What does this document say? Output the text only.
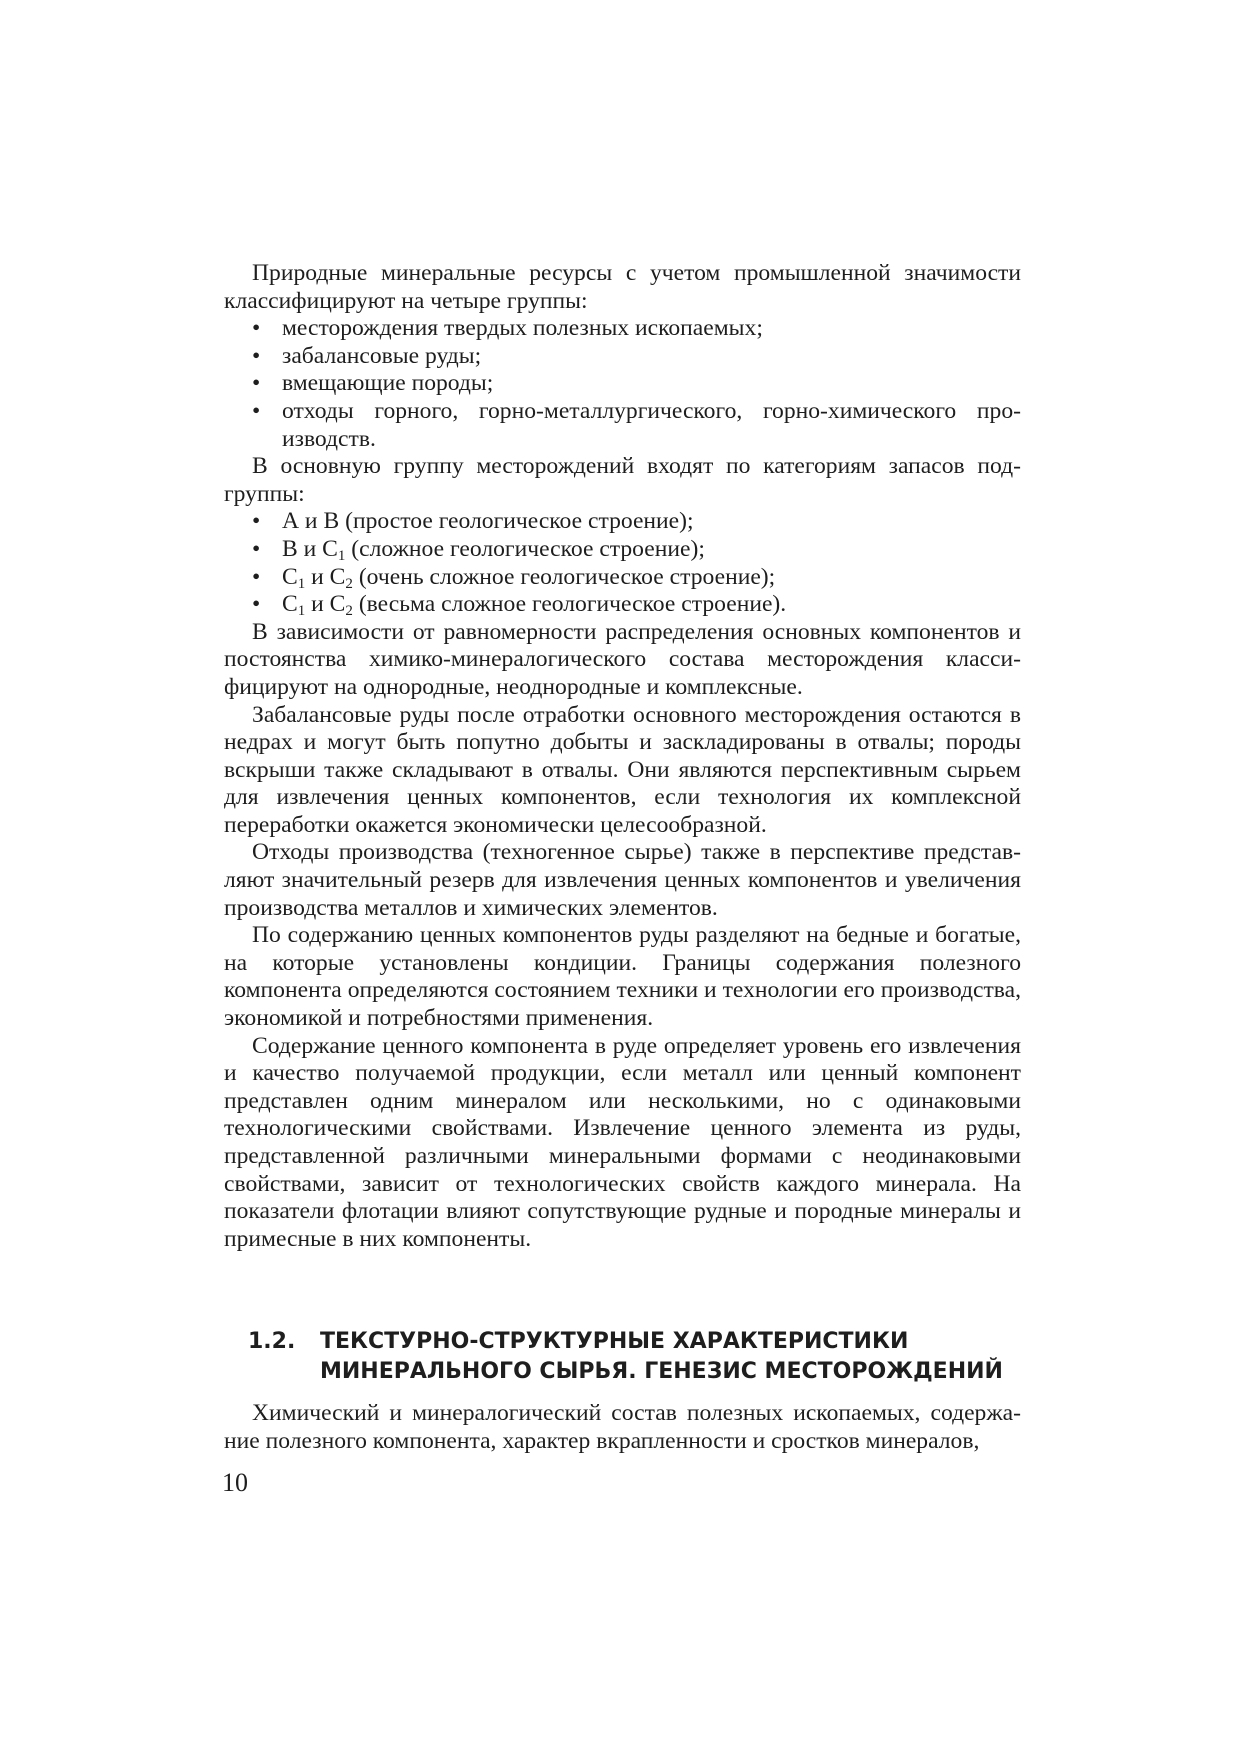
Природные минеральные ресурсы с учетом промышленной значимости классифицируют на четыре группы:

• месторождения твердых полезных ископаемых;
• забалансовые руды;
• вмещающие породы;
• отходы горного, горно-металлургического, горно-химического производств.

В основную группу месторождений входят по категориям запасов подгруппы:

• А и В (простое геологическое строение);
• В и $С_1$ (сложное геологическое строение);
• $С_1$ и $С_2$ (очень сложное геологическое строение);
• $С_1$ и $С_2$ (весьма сложное геологическое строение).

В зависимости от равномерности распределения основных компонентов и постоянства химико-минералогического состава месторождения классифицируют на однородные, неоднородные и комплексные.

Забалансовые руды после отработки основного месторождения остаются в недрах и могут быть попутно добыты и заскладированы в отвалы; породы вскрыши также складывают в отвалы. Они являются перспективным сырьем для извлечения ценных компонентов, если технология их комплексной переработки окажется экономически целесообразной.

Отходы производства (техногенное сырье) также в перспективе представляют значительный резерв для извлечения ценных компонентов и увеличения производства металлов и химических элементов.

По содержанию ценных компонентов руды разделяют на бедные и богатые, на которые установлены кондиции. Границы содержания полезного компонента определяются состоянием техники и технологии его производства, экономикой и потребностями применения.

Содержание ценного компонента в руде определяет уровень его извлечения и качество получаемой продукции, если металл или ценный компонент представлен одним минералом или несколькими, но с одинаковыми технологическими свойствами. Извлечение ценного элемента из руды, представленной различными минеральными формами с неодинаковыми свойствами, зависит от технологических свойств каждого минерала. На показатели флотации влияют сопутствующие рудные и породные минералы и примесные в них компоненты.

1.2. ТЕКСТУРНО-СТРУКТУРНЫЕ ХАРАКТЕРИСТИКИ
МИНЕРАЛЬНОГО СЫРЬЯ. ГЕНЕЗИС МЕСТОРОЖДЕНИЙ

Химический и минералогический состав полезных ископаемых, содержание полезного компонента, характер вкрапленности и сростков минералов,

10
